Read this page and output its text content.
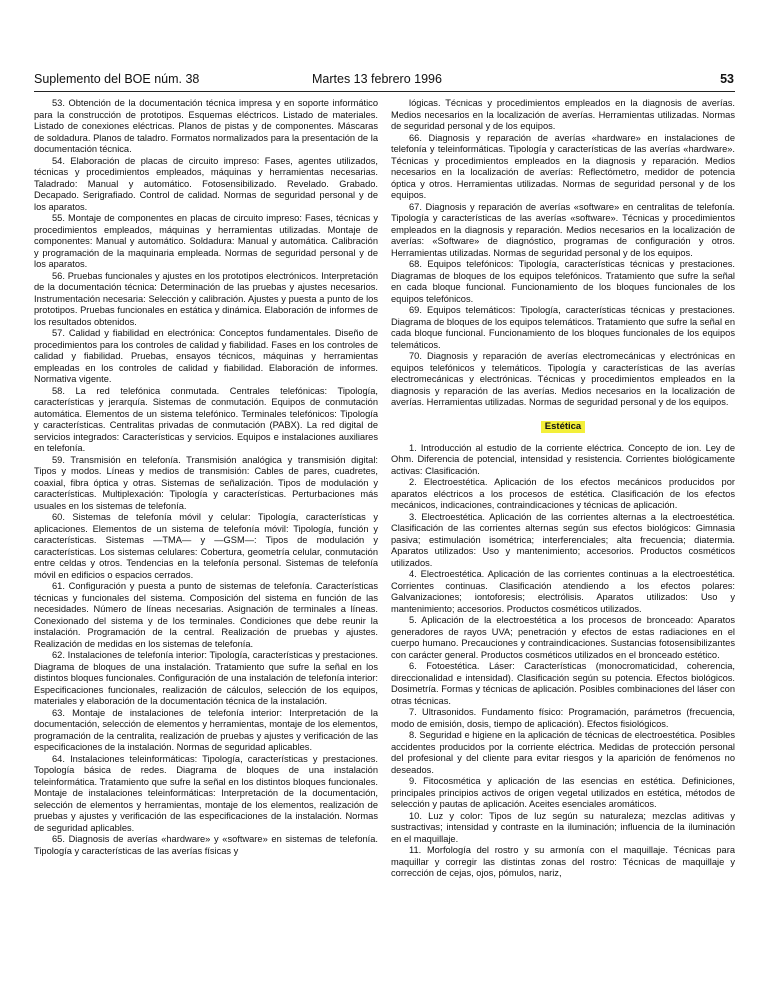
Suplemento del BOE núm. 38	Martes 13 febrero 1996	53

53. Obtención de la documentación técnica impresa y en soporte informático para la construcción de prototipos. Esquemas eléctricos. Listado de materiales. Listado de conexiones eléctricas. Planos de pistas y de componentes. Máscaras de soldadura. Planos de taladro. Formatos normalizados para la presentación de la documentación técnica.

54. Elaboración de placas de circuito impreso: Fases, agentes utilizados, técnicas y procedimientos empleados, máquinas y herramientas necesarias. Taladrado: Manual y automático. Fotosensibilizado. Revelado. Grabado. Decapado. Serigrafiado. Control de calidad. Normas de seguridad personal y de los aparatos.

55. Montaje de componentes en placas de circuito impreso: Fases, técnicas y procedimientos empleados, máquinas y herramientas utilizadas. Montaje de componentes: Manual y automático. Soldadura: Manual y automática. Calibración y programación de la maquinaria empleada. Normas de seguridad personal y de los aparatos.

56. Pruebas funcionales y ajustes en los prototipos electrónicos. Interpretación de la documentación técnica: Determinación de las pruebas y ajustes necesarios. Instrumentación necesaria: Selección y calibración. Ajustes y puesta a punto de los prototipos. Pruebas funcionales en estática y dinámica. Elaboración de informes de los resultados obtenidos.

57. Calidad y fiabilidad en electrónica: Conceptos fundamentales. Diseño de procedimientos para los controles de calidad y fiabilidad. Fases en los controles de calidad y fiabilidad. Pruebas, ensayos técnicos, máquinas y herramientas empleadas en los controles de calidad y fiabilidad. Elaboración de informes. Normativa vigente.

58. La red telefónica conmutada. Centrales telefónicas: Tipología, características y jerarquía. Sistemas de conmutación. Equipos de conmutación automática. Elementos de un sistema telefónico. Terminales telefónicos: Tipología y características. Centralitas privadas de conmutación (PABX). La red digital de servicios integrados: Características y servicios. Equipos e instalaciones auxiliares en telefonía.

59. Transmisión en telefonía. Transmisión analógica y transmisión digital: Tipos y modos. Líneas y medios de transmisión: Cables de pares, cuadretes, coaxial, fibra óptica y otras. Sistemas de señalización. Tipos de modulación y características. Multiplexación: Tipología y características. Perturbaciones más usuales en los sistemas de telefonía.

60. Sistemas de telefonía móvil y celular: Tipología, características y aplicaciones. Elementos de un sistema de telefonía móvil: Tipología, función y características. Sistemas —TMA— y —GSM—: Tipos de modulación y características. Los sistemas celulares: Cobertura, geometría celular, conmutación entre celdas y otros. Tendencias en la telefonía personal. Sistemas de telefonía móvil en edificios o espacios cerrados.

61. Configuración y puesta a punto de sistemas de telefonía. Características técnicas y funcionales del sistema. Composición del sistema en función de las necesidades. Número de líneas necesarias. Asignación de terminales a líneas. Conexionado del sistema y de los terminales. Condiciones que debe reunir la instalación. Programación de la central. Realización de pruebas y ajustes. Realización de medidas en los sistemas de telefonía.

62. Instalaciones de telefonía interior: Tipología, características y prestaciones. Diagrama de bloques de una instalación. Tratamiento que sufre la señal en los distintos bloques funcionales. Configuración de una instalación de telefonía interior: Especificaciones funcionales, realización de cálculos, selección de los equipos, materiales y elaboración de la documentación técnica de la instalación.

63. Montaje de instalaciones de telefonía interior: Interpretación de la documentación, selección de elementos y herramientas, montaje de los elementos, programación de la centralita, realización de pruebas y ajustes y verificación de las especificaciones de la instalación. Normas de seguridad aplicables.

64. Instalaciones teleinformáticas: Tipología, características y prestaciones. Topología básica de redes. Diagrama de bloques de una instalación teleinformática. Tratamiento que sufre la señal en los distintos bloques funcionales. Montaje de instalaciones teleinformáticas: Interpretación de la documentación, selección de elementos y herramientas, montaje de los elementos, realización de pruebas y ajustes y verificación de las especificaciones de la instalación. Normas de seguridad aplicables.

65. Diagnosis de averías «hardware» y «software» en sistemas de telefonía. Tipología y características de las averías físicas y

lógicas. Técnicas y procedimientos empleados en la diagnosis de averías. Medios necesarios en la localización de averías. Herramientas utilizadas. Normas de seguridad personal y de los equipos.

66. Diagnosis y reparación de averías «hardware» en instalaciones de telefonía y teleinformáticas. Tipología y características de las averías «hardware». Técnicas y procedimientos empleados en la diagnosis y reparación. Medios necesarios en la localización de averías: Reflectómetro, medidor de potencia óptica y otros. Herramientas utilizadas. Normas de seguridad personal y de los equipos.

67. Diagnosis y reparación de averías «software» en centralitas de telefonía. Tipología y características de las averías «software». Técnicas y procedimientos empleados en la diagnosis y reparación. Medios necesarios en la localización de averías: «Software» de diagnóstico, programas de configuración y otros. Herramientas utilizadas. Normas de seguridad personal y de los equipos.

68. Equipos telefónicos: Tipología, características técnicas y prestaciones. Diagramas de bloques de los equipos telefónicos. Tratamiento que sufre la señal en cada bloque funcional. Funcionamiento de los bloques funcionales de los equipos telefónicos.

69. Equipos telemáticos: Tipología, características técnicas y prestaciones. Diagrama de bloques de los equipos telemáticos. Tratamiento que sufre la señal en cada bloque funcional. Funcionamiento de los bloques funcionales de los equipos telemáticos.

70. Diagnosis y reparación de averías electromecánicas y electrónicas en equipos telefónicos y telemáticos. Tipología y características de las averías electromecánicas y electrónicas. Técnicas y procedimientos empleados en la diagnosis y reparación de las averías. Medios necesarios en la localización de averías. Herramientas utilizadas. Normas de seguridad personal y de los equipos.

Estética

1. Introducción al estudio de la corriente eléctrica. Concepto de ion. Ley de Ohm. Diferencia de potencial, intensidad y resistencia. Corrientes biológicamente activas: Clasificación.

2. Electroestética. Aplicación de los efectos mecánicos producidos por aparatos eléctricos a los procesos de estética. Clasificación de los efectos mecánicos, indicaciones, contraindicaciones y técnicas de aplicación.

3. Electroestética. Aplicación de las corrientes alternas a la electroestética. Clasificación de las corrientes alternas según sus efectos biológicos: Gimnasia pasiva; estimulación isométrica; interferenciales; alta frecuencia; diatermia. Aparatos utilizados: Uso y mantenimiento; accesorios. Productos cosméticos utilizados.

4. Electroestética. Aplicación de las corrientes continuas a la electroestética. Corrientes continuas. Clasificación atendiendo a los efectos polares: Galvanizaciones; iontoforesis; electrólisis. Aparatos utilizados: Uso y mantenimiento; accesorios. Productos cosméticos utilizados.

5. Aplicación de la electroestética a los procesos de bronceado: Aparatos generadores de rayos UVA; penetración y efectos de estas radiaciones en el cuerpo humano. Precauciones y contraindicaciones. Sustancias fotosensibilizantes con carácter general. Productos cosméticos utilizados en el bronceado estético.

6. Fotoestética. Láser: Características (monocromaticidad, coherencia, direccionalidad e intensidad). Clasificación según su potencia. Efectos biológicos. Dosimetría. Formas y técnicas de aplicación. Posibles combinaciones del láser con otras técnicas.

7. Ultrasonidos. Fundamento físico: Programación, parámetros (frecuencia, modo de emisión, dosis, tiempo de aplicación). Efectos fisiológicos.

8. Seguridad e higiene en la aplicación de técnicas de electroestética. Posibles accidentes producidos por la corriente eléctrica. Medidas de protección personal del profesional y del cliente para evitar riesgos y la aparición de fenómenos no deseados.

9. Fitocosmética y aplicación de las esencias en estética. Definiciones, principales principios activos de origen vegetal utilizados en estética, métodos de selección y pautas de aplicación. Aceites esenciales aromáticos.

10. Luz y color: Tipos de luz según su naturaleza; mezclas aditivas y sustractivas; intensidad y contraste en la iluminación; influencia de la iluminación en el maquillaje.

11. Morfología del rostro y su armonía con el maquillaje. Técnicas para maquillar y corregir las distintas zonas del rostro: Técnicas de maquillaje y corrección de cejas, ojos, pómulos, nariz,
